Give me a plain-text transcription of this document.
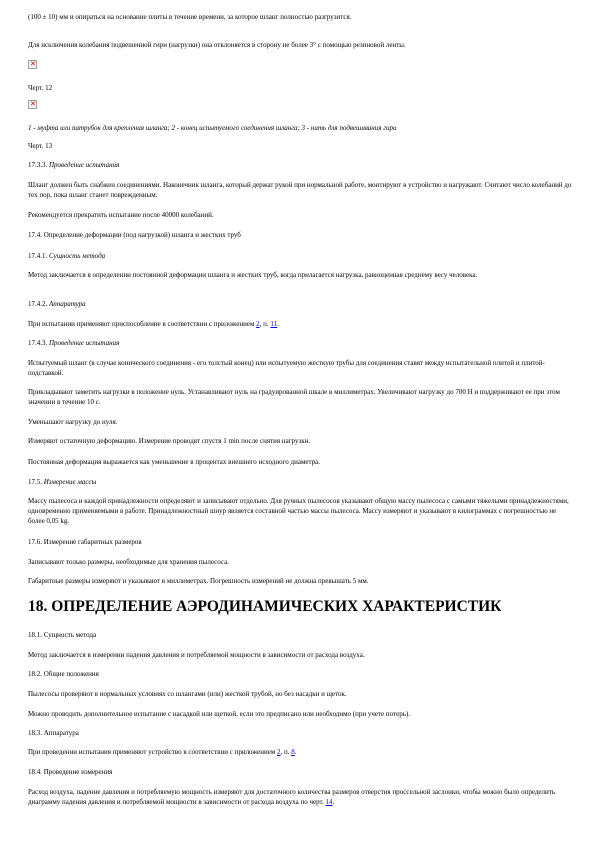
(100 ± 10) мм и опираться на основание плиты в течение времени, за которое шланг полностью разгрузится.

Для исключения колебания подвешенной гири (нагрузки) она отклоняется в сторону не более 3° с помощью резиновой ленты.

✕

Черт. 12

✕

1 - муфта или патрубок для крепления шланга; 2 - конец испытуемого соединения шланга; 3 - нить для подвешивания гири

Черт. 13

17.3.3. Проведение испытания

Шланг должен быть снабжен соединениями. Наконечник шланга, который держат рукой при нормальной работе, монтируют в устройство и нагружают. Считают число колебаний до тех пор, пока шланг станет поврежденным.

Рекомендуется прекратить испытание после 40000 колебаний.

17.4. Определение деформации (под нагрузкой) шланга и жестких труб

17.4.1. Сущность метода

Метод заключается в определении постоянной деформации шланга и жестких труб, когда прилагается нагрузка, равноценная среднему весу человека.

17.4.2. Аппаратура

При испытании применяют приспособление в соответствии с приложением 2, п. 11.

17.4.3. Проведение испытания

Испытуемый шланг (в случае конического соединения - его толстый конец) или испытуемую жесткую трубы для соединения ставят между испытательной плитой и плитой-подставкой.

Прикладывают заметить нагрузки в положение нуль. Устанавливают нуль на градуированной шкале в миллиметрах. Увеличивают нагрузку до 700 Н и поддерживают ее при этом значении в течение 10 с.

Уменьшают нагрузку до нуля.

Измеряют остаточную деформацию. Измерение проводят спустя 1 min после снятия нагрузки.

Постоянная деформация выражается как уменьшение в процентах внешнего исходного диаметра.

17.5. Измерение массы

Массу пылесоса и каждой принадлежности определяют и записывают отдельно. Для ручных пылесосов указывают общую массу пылесоса с самыми тяжелыми принадлежностями, одновременно применяемыми в работе. Принадлежностный шнур является составной частью массы пылесоса. Массу измеряют и указывают в килограммах с погрешностью не более 0,05 kg.

17.6. Измерение габаритных размеров

Записывают только размеры, необходимые для хранения пылесоса.

Габаритные размеры измеряют и указывают в миллиметрах. Погрешность измерений не должна превышать 5 мм.

18. ОПРЕДЕЛЕНИЕ АЭРОДИНАМИЧЕСКИХ ХАРАКТЕРИСТИК

18.1. Сущность метода

Метод заключается в измерении падения давления и потребляемой мощности в зависимости от расхода воздуха.

18.2. Общие положения

Пылесосы проверяют в нормальных условиях со шлангами (или) жесткой трубой, но без насадки и щеток.

Можно проводить дополнительное испытание с насадкой или щеткой, если это предписано или необходимо (при учете потерь).

18.3. Аппаратура

При проведении испытания применяют устройство в соответствии с приложением 2, п. 8.

18.4. Проведение измерения

Расход воздуха, падение давления и потребляемую мощность измеряют для достаточного количества размеров отверстия проссельной заслонки, чтобы можно было определить диаграмму падения давления и потребляемой мощности в зависимости от расхода воздуха по черт. 14.
